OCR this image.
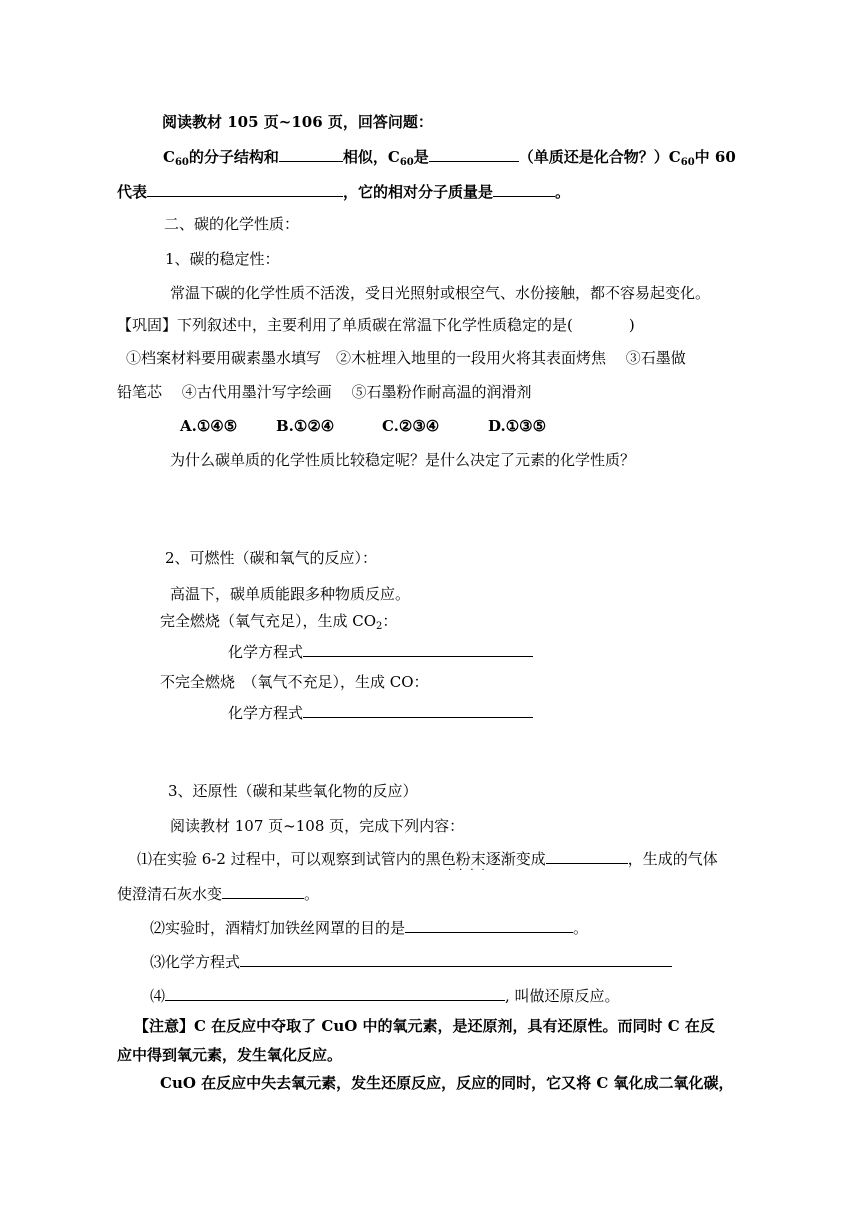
阅读教材 105 页~106 页，回答问题：
$C_{60}$的分子结构和	相似，$C_{60}$是	（单质还是化合物？）$C_{60}$中 60
代表	，它的相对分子质量是	。
二、碳的化学性质：
1、碳的稳定性：
常温下碳的化学性质不活泼，受日光照射或根空气、水份接触，都不容易起变化。
【巩固】下列叙述中，主要利用了单质碳在常温下化学性质稳定的是(	)
①档案材料要用碳素墨水填写　②木桩埋入地里的一段用火将其表面烤焦　 ③石墨做
铅笔芯　 ④古代用墨汁写字绘画　 ⑤石墨粉作耐高温的润滑剂
A.①④⑤	B.①②④	C.②③④	D.①③⑤
为什么碳单质的化学性质比较稳定呢？是什么决定了元素的化学性质？
2、可燃性（碳和氧气的反应）：
高温下，碳单质能跟多种物质反应。
完全燃烧（氧气充足），生成 $CO_2$：
化学方程式
不完全燃烧　（氧气不充足），生成 CO：
化学方程式
3、还原性（碳和某些氧化物的反应）
阅读教材 107 页~108 页，完成下列内容：
⑴在实验 6-2 过程中，可以观察到试管内的黑色粉末逐渐变成	，生成的气体
····
使澄清石灰水变	。
⑵实验时，酒精灯加铁丝网罩的目的是	。
⑶化学方程式
⑷	, 叫做还原反应。
【注意】C 在反应中夺取了 CuO 中的氧元素，是还原剂，具有还原性。而同时 C 在反
应中得到氧元素，发生氧化反应。
CuO 在反应中失去氧元素，发生还原反应，反应的同时，它又将 C 氧化成二氧化碳，
